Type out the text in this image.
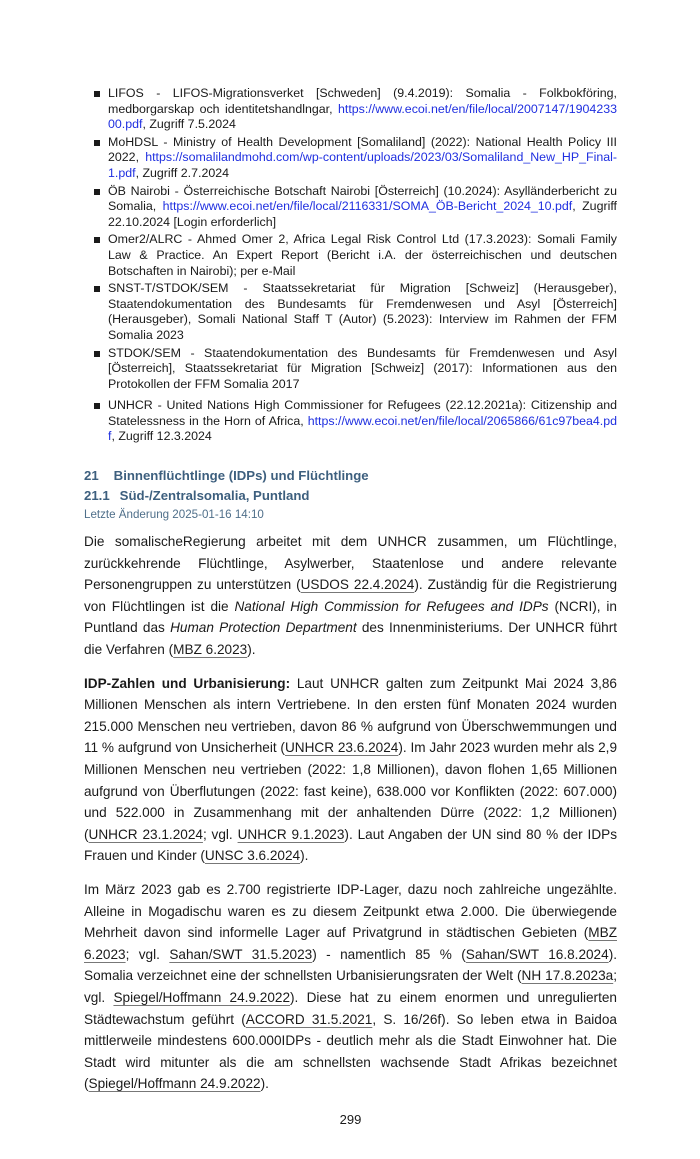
LIFOS - LIFOS-Migrationsverket [Schweden] (9.4.2019): Somalia - Folkbokföring, medborgarskap och identitetshandlngar, https://www.ecoi.net/en/file/local/2007147/190423300.pdf, Zugriff 7.5.2024
MoHDSL - Ministry of Health Development [Somaliland] (2022): National Health Policy III 2022, https://somalilandmohd.com/wp-content/uploads/2023/03/Somaliland_New_HP_Final-1.pdf, Zugriff 2.7.2024
ÖB Nairobi - Österreichische Botschaft Nairobi [Österreich] (10.2024): Asylländerbericht zu Somalia, https://www.ecoi.net/en/file/local/2116331/SOMA_ÖB-Bericht_2024_10.pdf, Zugriff 22.10.2024 [Login erforderlich]
Omer2/ALRC - Ahmed Omer 2, Africa Legal Risk Control Ltd (17.3.2023): Somali Family Law & Practice. An Expert Report (Bericht i.A. der österreichischen und deutschen Botschaften in Nairobi); per e-Mail
SNST-T/STDOK/SEM - Staatssekretariat für Migration [Schweiz] (Herausgeber), Staatendokumentation des Bundesamts für Fremdenwesen und Asyl [Österreich] (Herausgeber), Somali National Staff T (Autor) (5.2023): Interview im Rahmen der FFM Somalia 2023
STDOK/SEM - Staatendokumentation des Bundesamts für Fremdenwesen und Asyl [Österreich], Staatssekretariat für Migration [Schweiz] (2017): Informationen aus den Protokollen der FFM Somalia 2017
UNHCR - United Nations High Commissioner for Refugees (22.12.2021a): Citizenship and Statelessness in the Horn of Africa, https://www.ecoi.net/en/file/local/2065866/61c97bea4.pdf, Zugriff 12.3.2024
21 Binnenflüchtlinge (IDPs) und Flüchtlinge
21.1 Süd-/Zentralsomalia, Puntland
Letzte Änderung 2025-01-16 14:10

Die somalischeRegierung arbeitet mit dem UNHCR zusammen, um Flüchtlinge, zurückkehrende Flüchtlinge, Asylwerber, Staatenlose und andere relevante Personengruppen zu unterstützen (USDOS 22.4.2024). Zuständig für die Registrierung von Flüchtlingen ist die National High Commission for Refugees and IDPs (NCRI), in Puntland das Human Protection Department des Innenministeriums. Der UNHCR führt die Verfahren (MBZ 6.2023).

IDP-Zahlen und Urbanisierung: Laut UNHCR galten zum Zeitpunkt Mai 2024 3,86 Millionen Menschen als intern Vertriebene. In den ersten fünf Monaten 2024 wurden 215.000 Menschen neu vertrieben, davon 86 % aufgrund von Überschwemmungen und 11 % aufgrund von Unsicherheit (UNHCR 23.6.2024). Im Jahr 2023 wurden mehr als 2,9 Millionen Menschen neu vertrieben (2022: 1,8 Millionen), davon flohen 1,65 Millionen aufgrund von Überflutungen (2022: fast keine), 638.000 vor Konflikten (2022: 607.000) und 522.000 in Zusammenhang mit der anhaltenden Dürre (2022: 1,2 Millionen) (UNHCR 23.1.2024; vgl. UNHCR 9.1.2023). Laut Angaben der UN sind 80 % der IDPs Frauen und Kinder (UNSC 3.6.2024).

Im März 2023 gab es 2.700 registrierte IDP-Lager, dazu noch zahlreiche ungezählte. Alleine in Mogadischu waren es zu diesem Zeitpunkt etwa 2.000. Die überwiegende Mehrheit davon sind informelle Lager auf Privatgrund in städtischen Gebieten (MBZ 6.2023; vgl. Sahan/SWT 31.5.2023) - namentlich 85 % (Sahan/SWT 16.8.2024). Somalia verzeichnet eine der schnellsten Urbanisierungsraten der Welt (NH 17.8.2023a; vgl. Spiegel/Hoffmann 24.9.2022). Diese hat zu einem enormen und unregulierten Städtewachstum geführt (ACCORD 31.5.2021, S. 16/26f). So leben etwa in Baidoa mittlerweile mindestens 600.000IDPs - deutlich mehr als die Stadt Einwohner hat. Die Stadt wird mitunter als die am schnellsten wachsende Stadt Afrikas bezeichnet (Spiegel/Hoffmann 24.9.2022).

299
